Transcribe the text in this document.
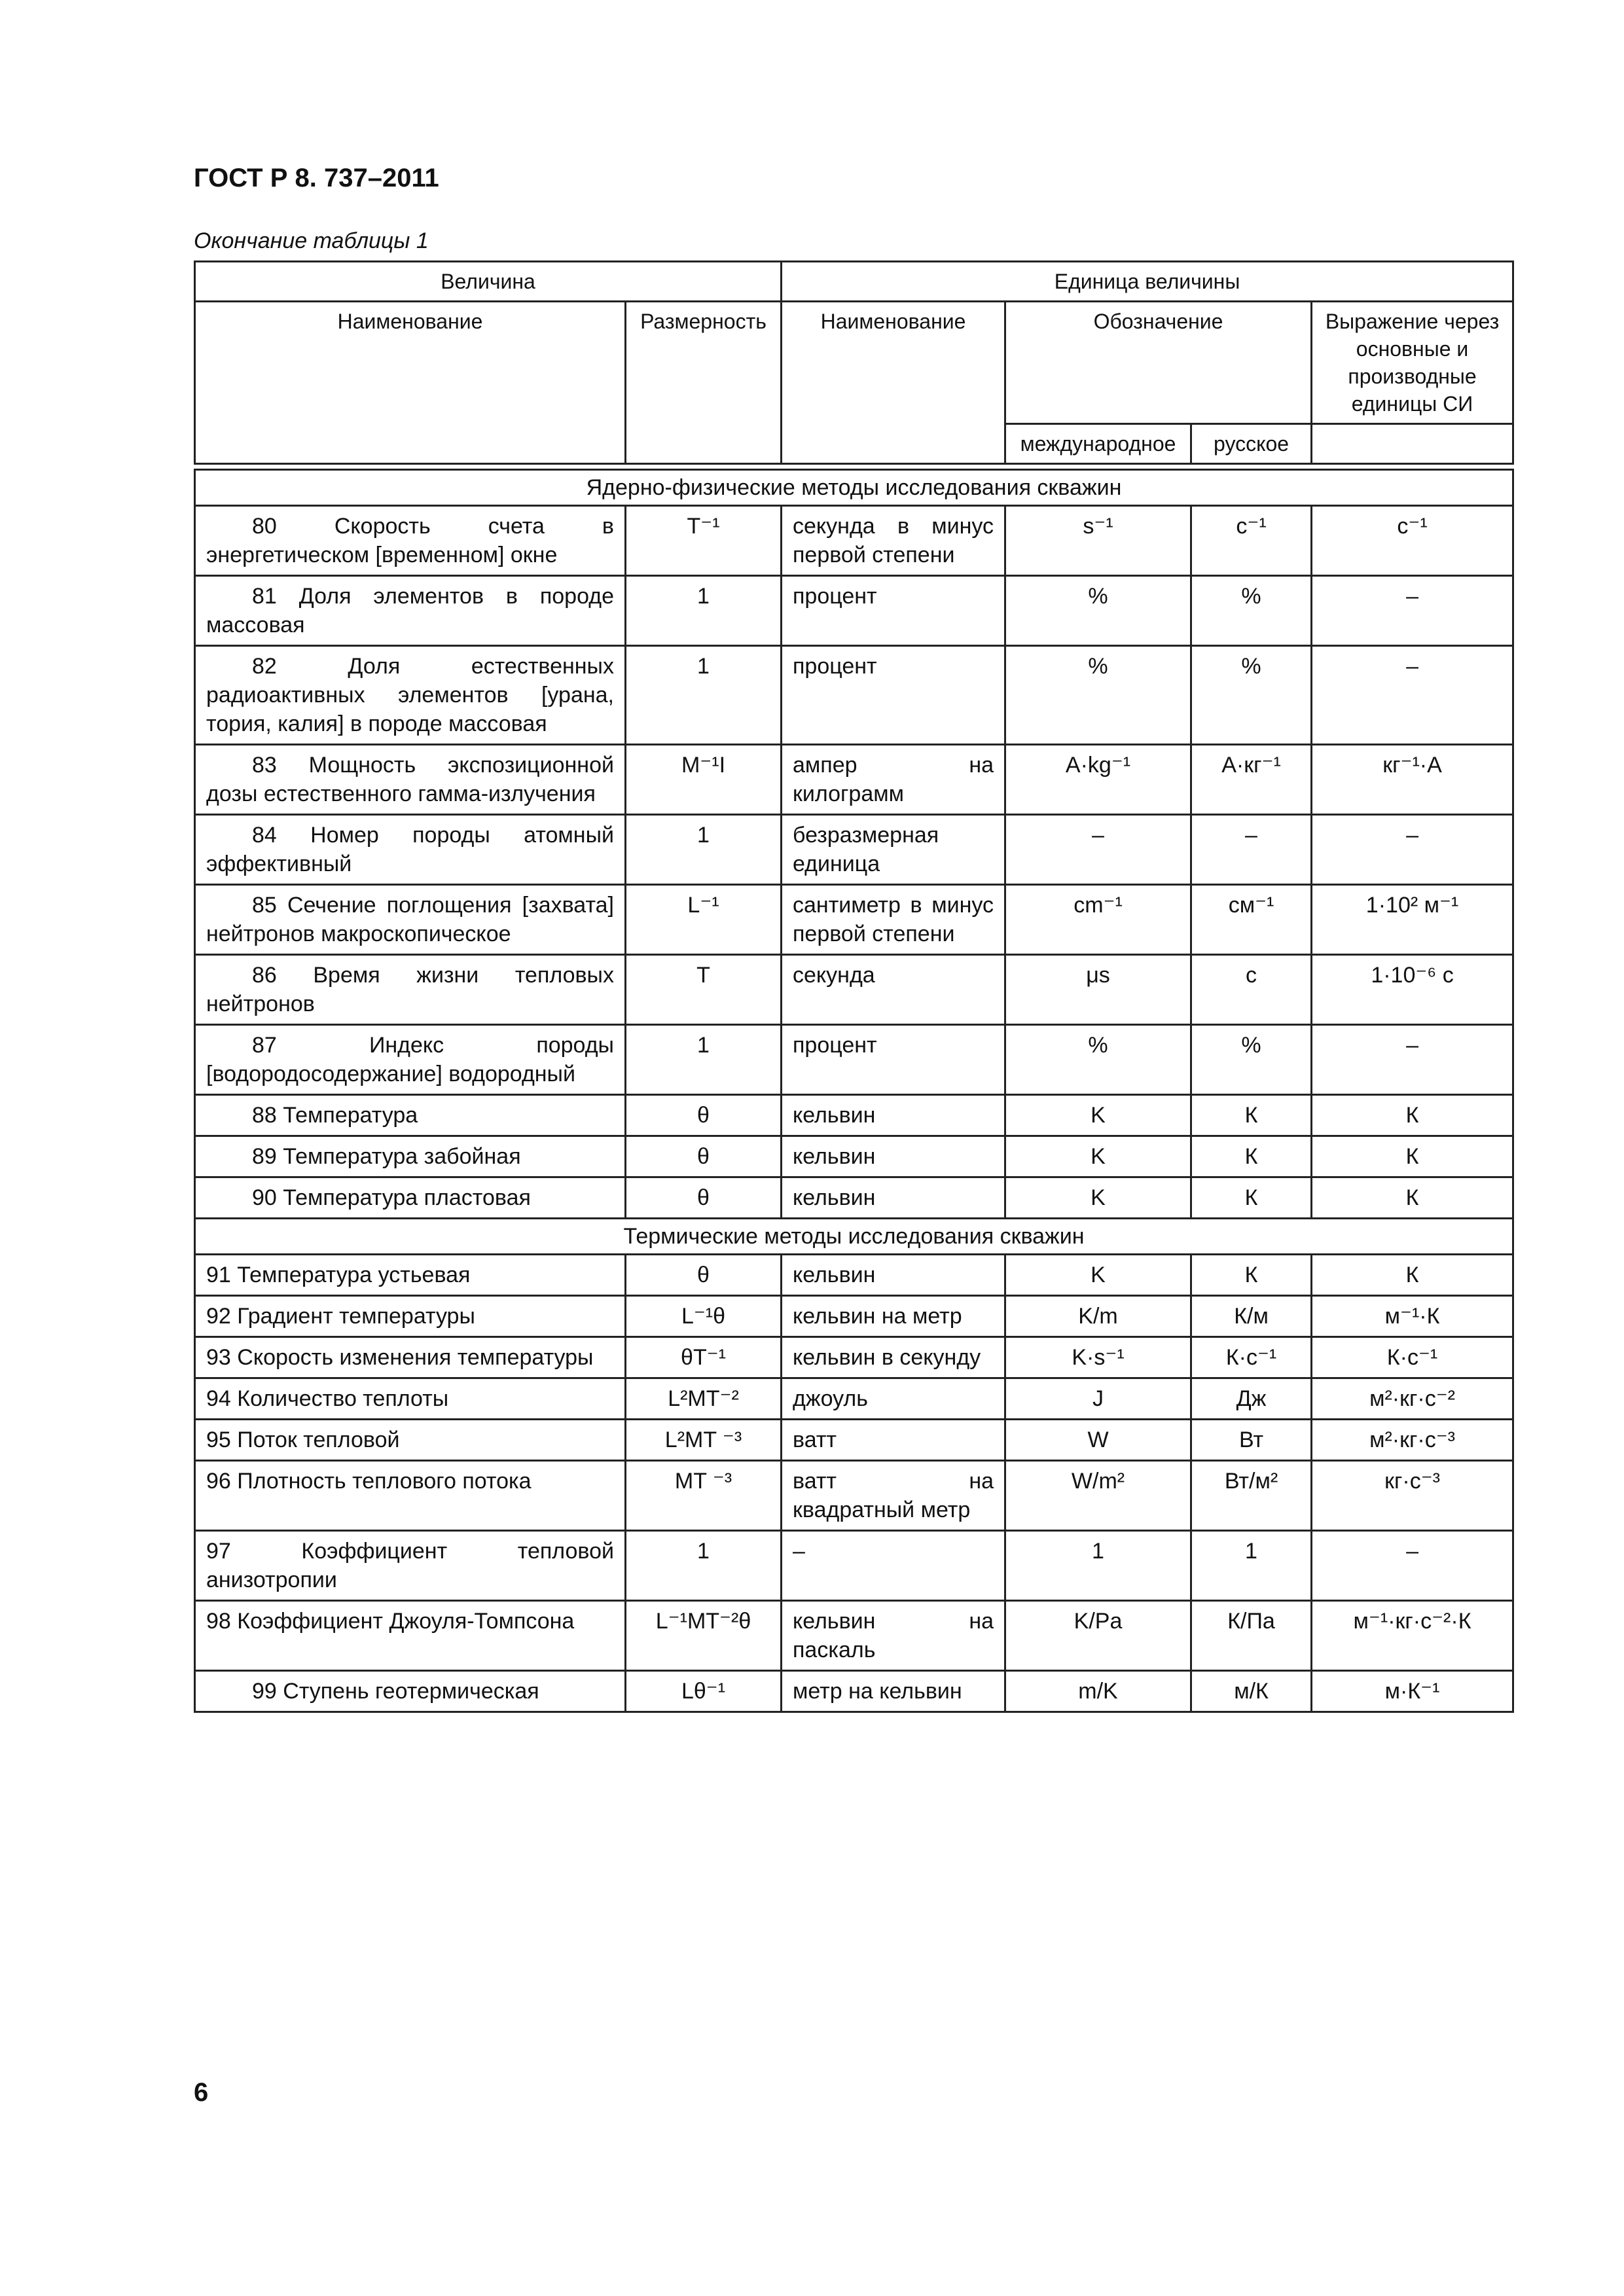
ГОСТ Р 8. 737–2011
Окончание таблицы 1
Величина		Единица величины			
Наименование	Размерность	Наименование	Обозначение		Выражение через основные и производные единицы СИ
			международное	русское	

Ядерно-физические методы исследования скважин					
80 Скорость счета в энергетическом [временном] окне	T⁻¹	секунда в минус первой степени	s⁻¹	с⁻¹	с⁻¹
81 Доля элементов в породе массовая	1	процент	%	%	–
82 Доля естественных радиоактивных элементов [урана, тория, калия] в породе массовая	1	процент	%	%	–
83 Мощность экспозиционной дозы естественного гамма-излучения	M⁻¹I	ампер на килограмм	A·kg⁻¹	А·кг⁻¹	кг⁻¹·А
84 Номер породы атомный эффективный	1	безразмерная единица	–	–	–
85 Сечение поглощения [захвата] нейтронов макроскопическое	L⁻¹	сантиметр в минус первой степени	cm⁻¹	см⁻¹	1·10² м⁻¹
86 Время жизни тепловых нейтронов	T	секунда	μs	с	1·10⁻⁶ с
87 Индекс породы [водородосодержание] водородный	1	процент	%	%	–
88 Температура	θ	кельвин	K	К	К
89 Температура забойная	θ	кельвин	K	К	К
90 Температура пластовая	θ	кельвин	K	К	К
Термические методы исследования скважин					
91 Температура устьевая	θ	кельвин	K	К	К
92 Градиент температуры	L⁻¹θ	кельвин на метр	K/m	К/м	м⁻¹·К
93 Скорость изменения температуры	θT⁻¹	кельвин в секунду	K·s⁻¹	К·с⁻¹	К·с⁻¹
94 Количество теплоты	L²MT⁻²	джоуль	J	Дж	м²·кг·с⁻²
95 Поток тепловой	L²MT ⁻³	ватт	W	Вт	м²·кг·с⁻³
96 Плотность теплового потока	MT ⁻³	ватт на квадратный метр	W/m²	Вт/м²	кг·с⁻³
97 Коэффициент тепловой анизотропии	1	–	1	1	–
98 Коэффициент Джоуля-Томпсона	L⁻¹MT⁻²θ	кельвин на паскаль	K/Pa	К/Па	м⁻¹·кг·с⁻²·К
99 Ступень геотермическая	Lθ⁻¹	метр на кельвин	m/K	м/К	м·К⁻¹
6
